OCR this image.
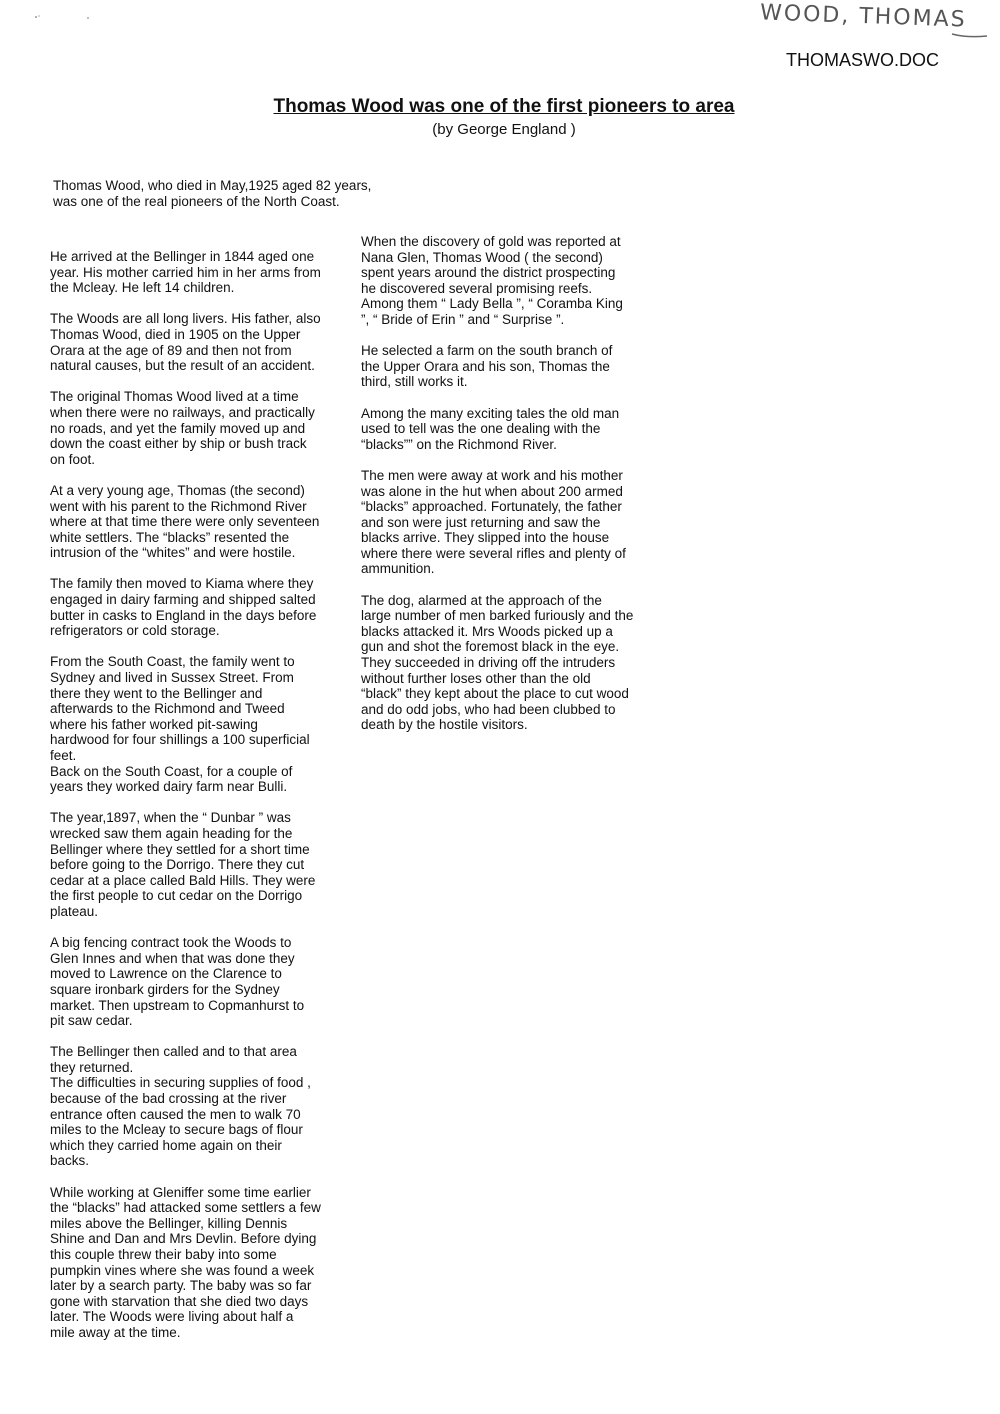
WOOD, THOMAS
THOMASWO.DOC
Thomas Wood was one of the first pioneers to area
(by George England )
Thomas Wood, who died in May,1925 aged 82 years,
was one of the real pioneers of the North Coast.

He arrived at the Bellinger in 1844 aged one
year. His mother carried him in her arms from
the Mcleay. He left 14 children.

The Woods are all long livers. His father, also
Thomas Wood, died in 1905 on the Upper
Orara at the age of 89 and then not from
natural causes, but the result of an accident.

The original Thomas Wood lived at a time
when there were no railways, and practically
no roads, and yet the family moved up and
down the coast either by ship or bush track
on foot.

At a very young age, Thomas (the second)
went with his parent to the Richmond River
where at that time there were only seventeen
white settlers. The “blacks” resented the
intrusion of the “whites” and were hostile.

The family then moved to Kiama where they
engaged in dairy farming and shipped salted
butter in casks to England in the days before
refrigerators or cold storage.

From the South Coast, the family went to
Sydney and lived in Sussex Street. From
there they went to the Bellinger and
afterwards to the Richmond and Tweed
where his father worked pit-sawing
hardwood for four shillings a 100 superficial
feet.
Back on the South Coast, for a couple of
years they worked dairy farm near Bulli.

The year,1897, when the “ Dunbar ” was
wrecked saw them again heading for the
Bellinger where they settled for a short time
before going to the Dorrigo. There they cut
cedar at a place called Bald Hills. They were
the first people to cut cedar on the Dorrigo
plateau.

A big fencing contract took the Woods to
Glen Innes and when that was done they
moved to Lawrence on the Clarence to
square ironbark girders for the Sydney
market. Then upstream to Copmanhurst to
pit saw cedar.

The Bellinger then called and to that area
they returned.
The difficulties in securing supplies of food ,
because of the bad crossing at the river
entrance often caused the men to walk 70
miles to the Mcleay to secure bags of flour
which they carried home again on their
backs.

While working at Gleniffer some time earlier
the “blacks” had attacked some settlers a few
miles above the Bellinger, killing Dennis
Shine and Dan and Mrs Devlin. Before dying
this couple threw their baby into some
pumpkin vines where she was found a week
later by a search party. The baby was so far
gone with starvation that she died two days
later. The Woods were living about half a
mile away at the time.

When the discovery of gold was reported at
Nana Glen, Thomas Wood ( the second)
spent years around the district prospecting
he discovered several promising reefs.
Among them “ Lady Bella ”, “ Coramba King
”, “ Bride of Erin ” and “ Surprise ”.

He selected a farm on the south branch of
the Upper Orara and his son, Thomas the
third, still works it.

Among the many exciting tales the old man
used to tell was the one dealing with the
“blacks”” on the Richmond River.

The men were away at work and his mother
was alone in the hut when about 200 armed
“blacks” approached. Fortunately, the father
and son were just returning and saw the
blacks arrive. They slipped into the house
where there were several rifles and plenty of
ammunition.

The dog, alarmed at the approach of the
large number of men barked furiously and the
blacks attacked it. Mrs Woods picked up a
gun and shot the foremost black in the eye.
They succeeded in driving off the intruders
without further loses other than the old
“black” they kept about the place to cut wood
and do odd jobs, who had been clubbed to
death by the hostile visitors.
